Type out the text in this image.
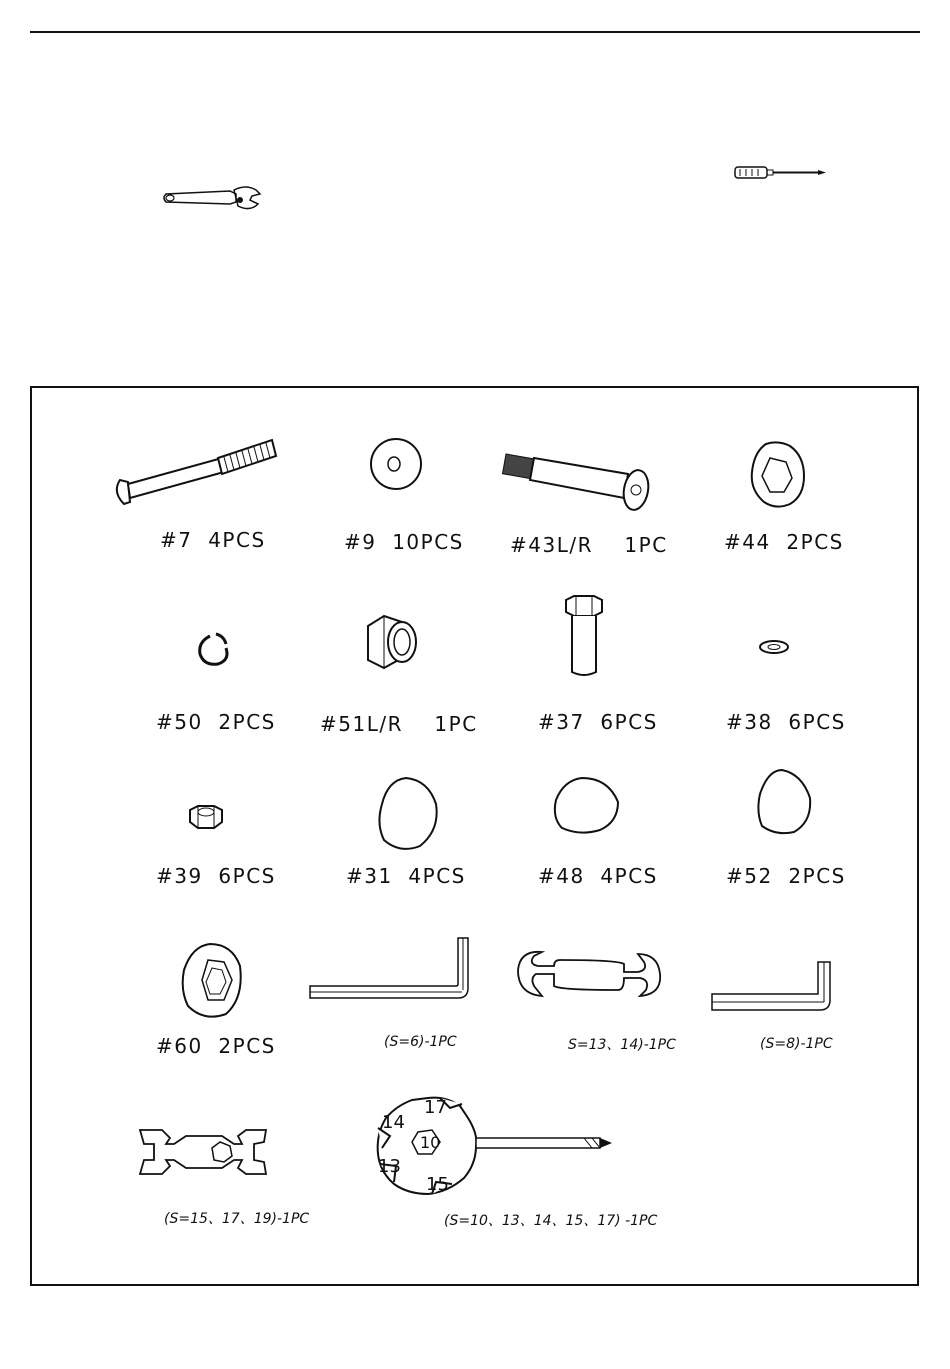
#7  4PCS	#9  10PCS #43L/R    1PC	#44  2PCS
#50  2PCS #51L/R    1PC	#37  6PCS	#38  6PCS
#39  6PCS	#31  4PCS	#48  4PCS	#52  2PCS
#60  2PCS	(S=6)-1PC	S=13、14)-1PC	(S=8)-1PC
(S=15、17、19)-1PC
17
14
10
13
15
(S=10、13、14、15、17) -1PC
